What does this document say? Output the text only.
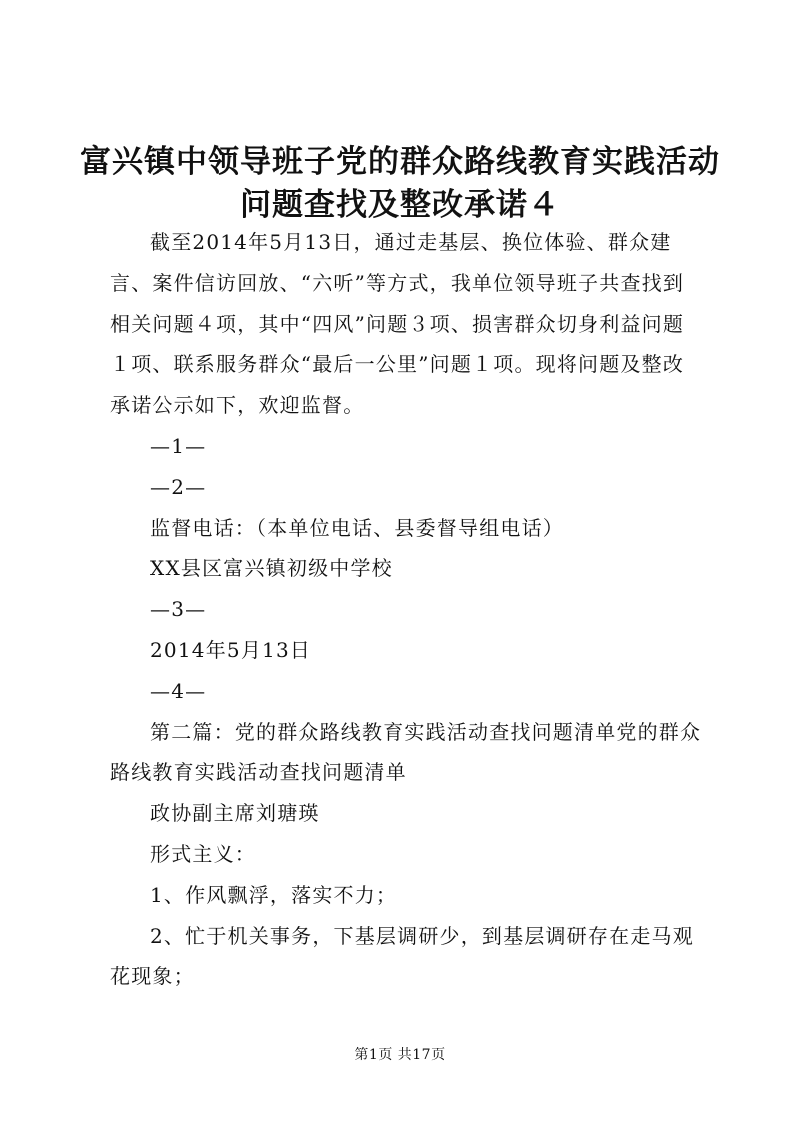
富兴镇中领导班子党的群众路线教育实践活动
问题查找及整改承诺４

截至2014年5月13日，通过走基层、换位体验、群众建言、案件信访回放、“六听”等方式，我单位领导班子共查找到相关问题４项，其中“四风”问题３项、损害群众切身利益问题１项、联系服务群众“最后一公里”问题１项。现将问题及整改承诺公示如下，欢迎监督。

—1—

—2—

监督电话：（本单位电话、县委督导组电话）

XX县区富兴镇初级中学校

—3—

2014年5月13日

—4—

第二篇：党的群众路线教育实践活动查找问题清单党的群众路线教育实践活动查找问题清单

政协副主席刘瑭瑛

形式主义：

1、作风飘浮，落实不力；

2、忙于机关事务，下基层调研少，到基层调研存在走马观花现象；

第1页 共17页
